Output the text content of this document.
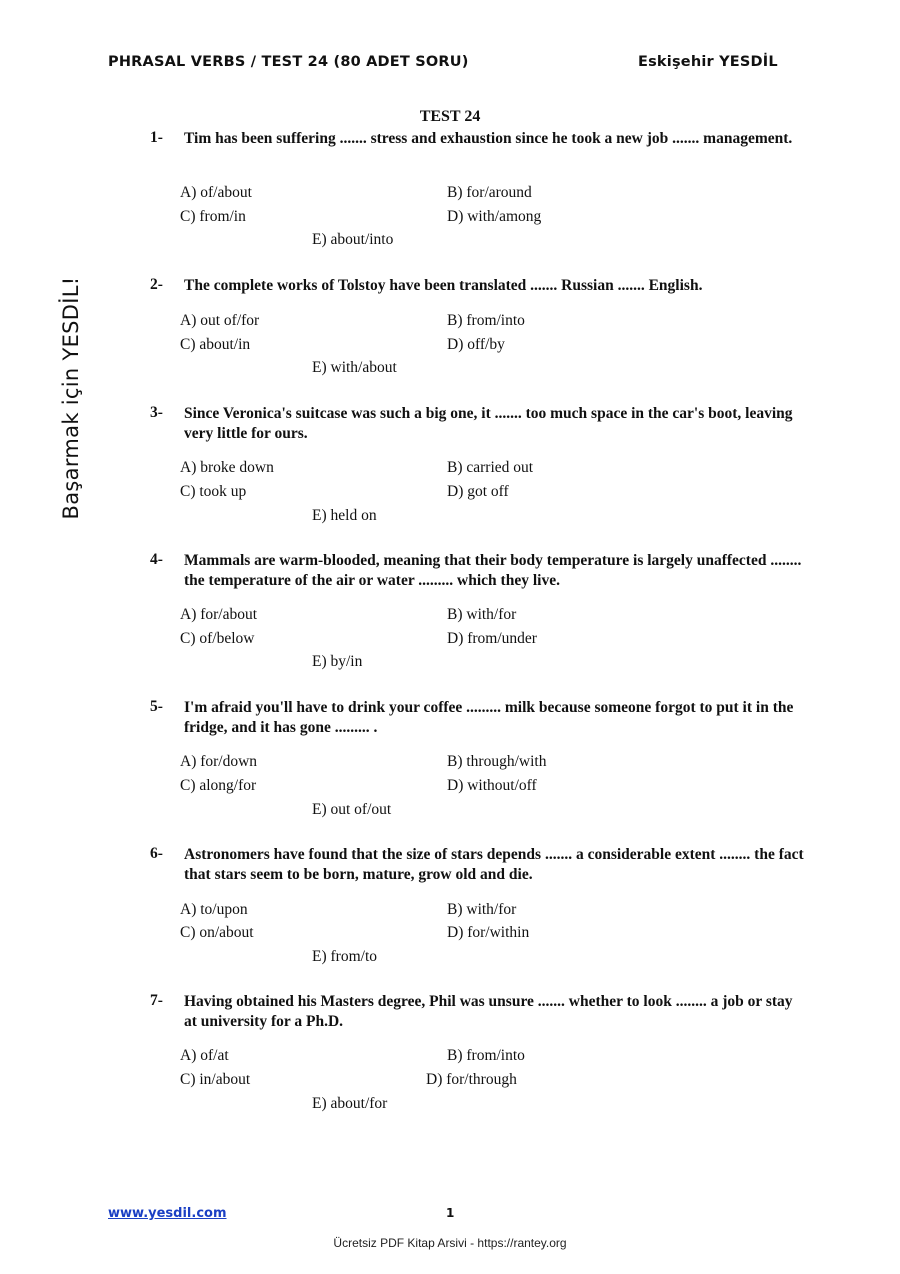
PHRASAL VERBS / TEST 24 (80 ADET SORU)	Eskişehir YESDİL
Başarmak için YESDİL!
TEST 24
1- Tim has been suffering ....... stress and exhaustion since he took a new job ....... management.
A) of/about	B) for/around
C) from/in	D) with/among
E) about/into
2- The complete works of Tolstoy have been translated ....... Russian ....... English.
A) out of/for	B) from/into
C) about/in	D) off/by
E) with/about
3- Since Veronica's suitcase was such a big one, it ....... too much space in the car's boot, leaving very little for ours.
A) broke down	B) carried out
C) took up	D) got off
E) held on
4- Mammals are warm-blooded, meaning that their body temperature is largely unaffected ........ the temperature of the air or water ......... which they live.
A) for/about	B) with/for
C) of/below	D) from/under
E) by/in
5- I'm afraid you'll have to drink your coffee ......... milk because someone forgot to put it in the fridge, and it has gone ......... .
A) for/down	B) through/with
C) along/for	D) without/off
E) out of/out
6- Astronomers have found that the size of stars depends ....... a considerable extent ........ the fact that stars seem to be born, mature, grow old and die.
A) to/upon	B) with/for
C) on/about	D) for/within
E) from/to
7- Having obtained his Masters degree, Phil was unsure ....... whether to look ........ a job or stay at university for a Ph.D.
A) of/at	B) from/into
C) in/about	D) for/through
E) about/for
www.yesdil.com	1
Ücretsiz PDF Kitap Arsivi - https://rantey.org
